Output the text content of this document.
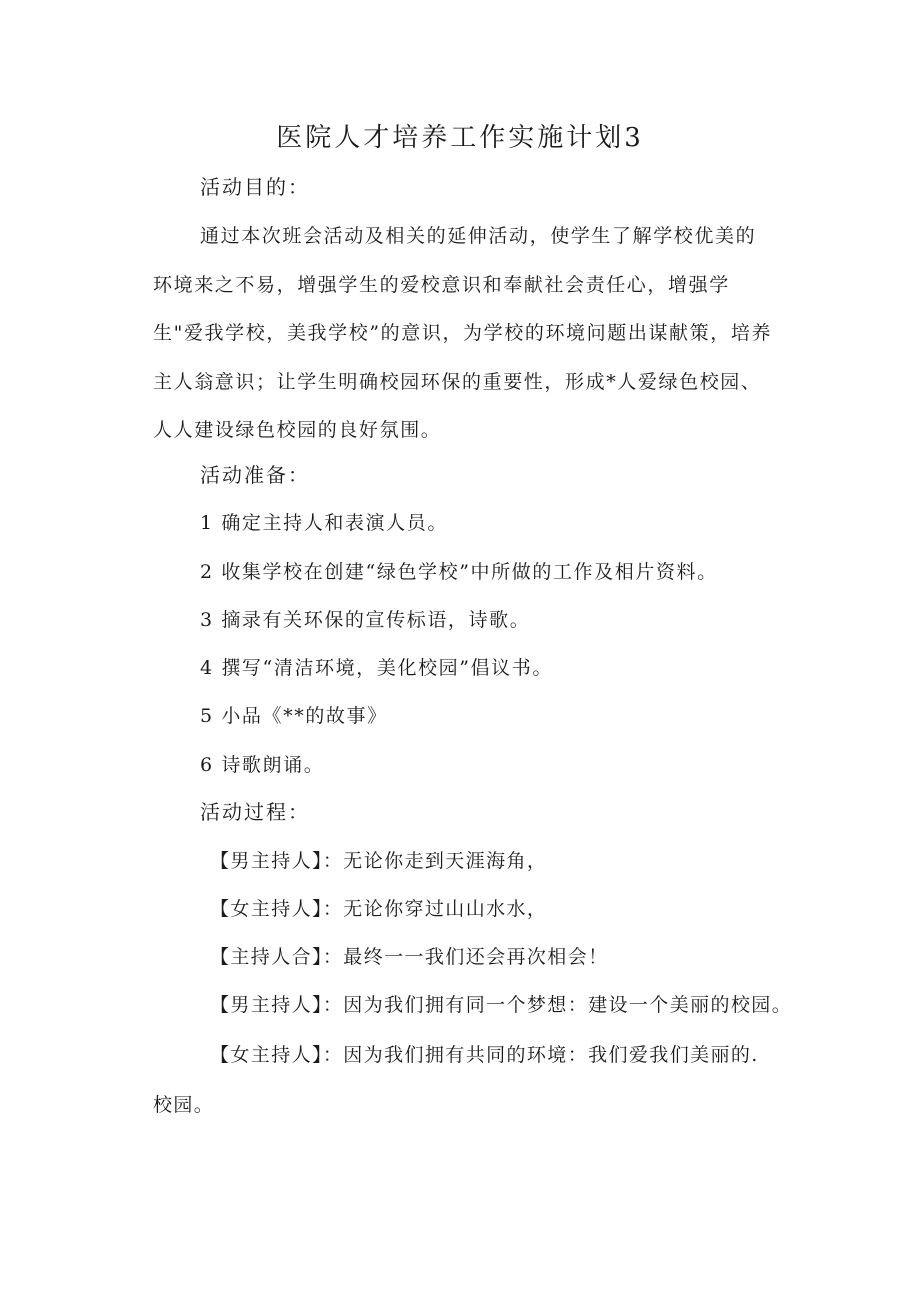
医院人才培养工作实施计划3
活动目的：

通过本次班会活动及相关的延伸活动，使学生了解学校优美的环境来之不易，增强学生的爱校意识和奉献社会责任心，增强学生"爱我学校，美我学校”的意识，为学校的环境问题出谋献策，培养主人翁意识；让学生明确校园环保的重要性，形成*人爱绿色校园、人人建设绿色校园的良好氛围。

活动准备：
1 确定主持人和表演人员。
2 收集学校在创建“绿色学校”中所做的工作及相片资料。
3 摘录有关环保的宣传标语，诗歌。
4 撰写“清洁环境，美化校园”倡议书。
5 小品《**的故事》
6 诗歌朗诵。
活动过程：
【男主持人】：无论你走到天涯海角，
【女主持人】：无论你穿过山山水水，
【主持人合】：最终一一我们还会再次相会！
【男主持人】：因为我们拥有同一个梦想：建设一个美丽的校园。

【女主持人】：因为我们拥有共同的环境：我们爱我们美丽的.校园。
